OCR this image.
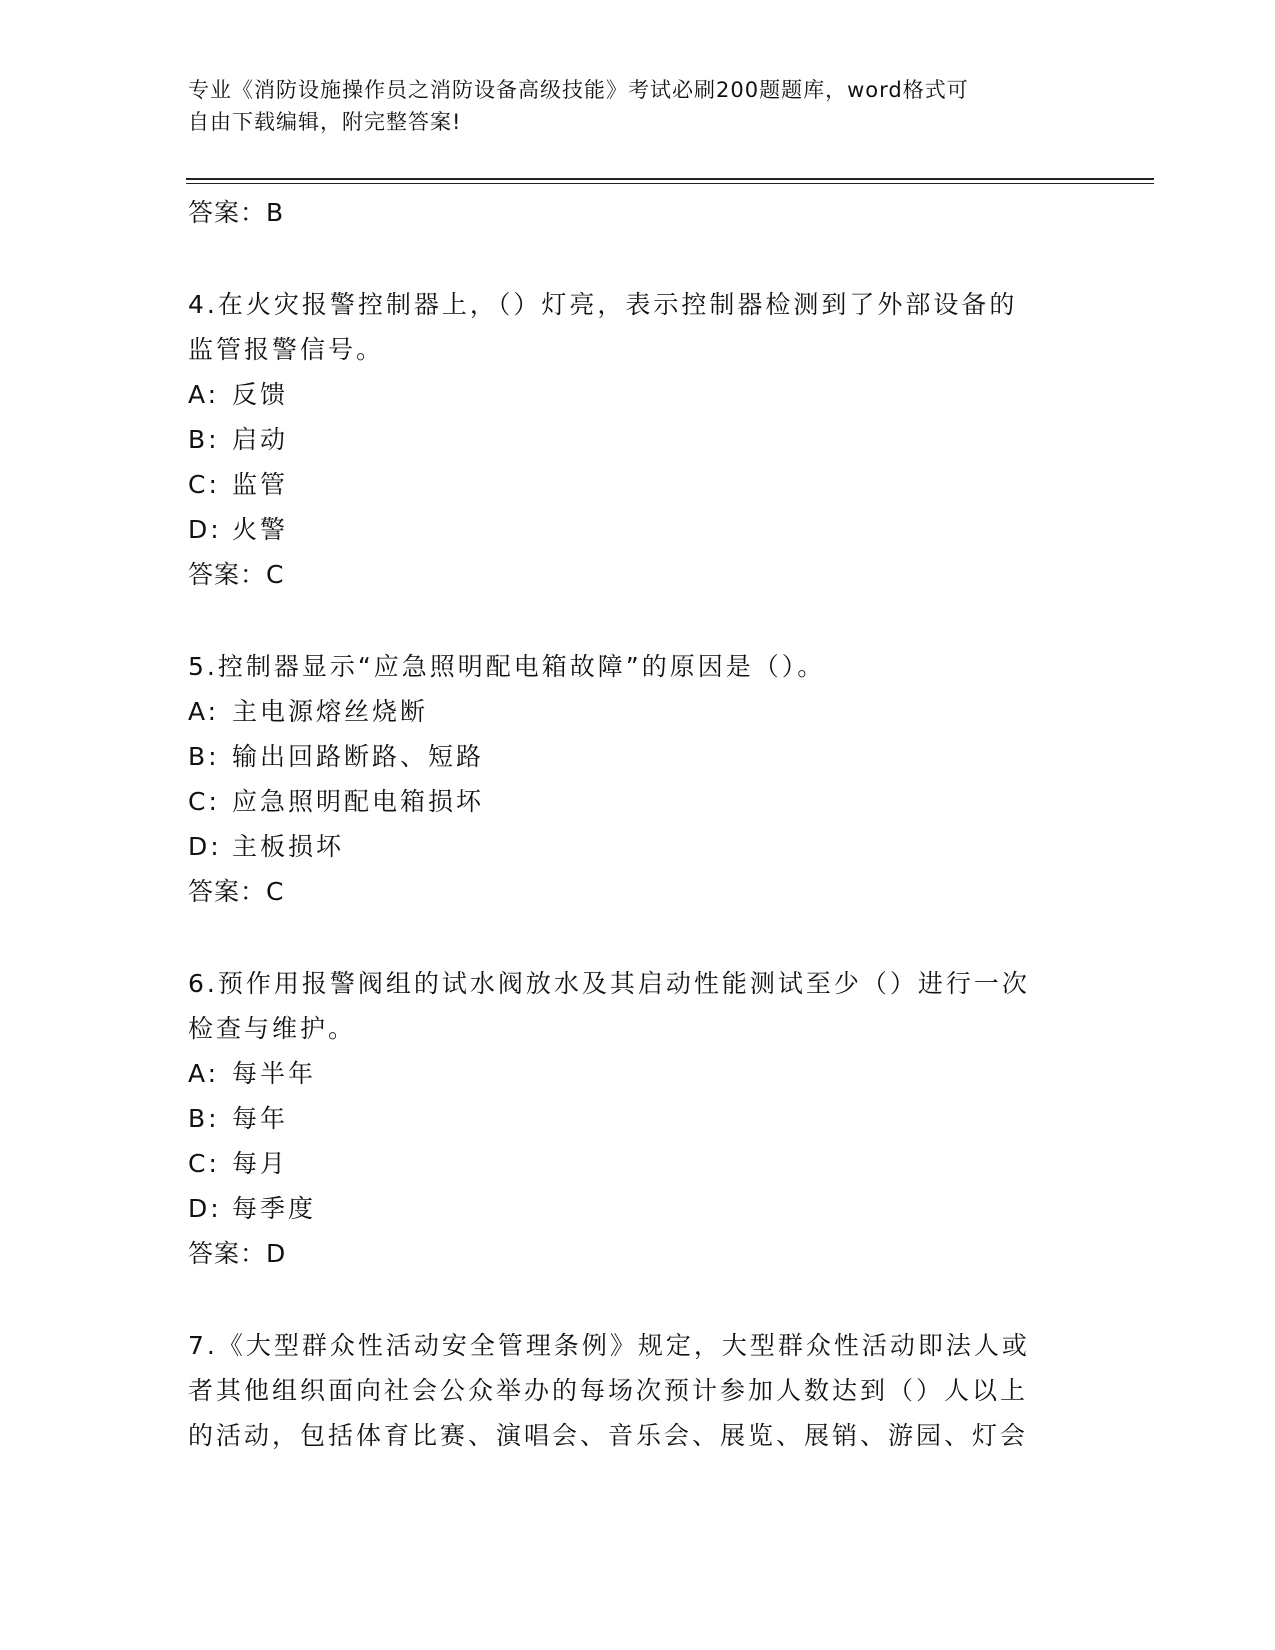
专业《消防设施操作员之消防设备高级技能》考试必刷200题题库，word格式可
自由下载编辑，附完整答案!
答案：B
4.在火灾报警控制器上，（）灯亮，表示控制器检测到了外部设备的
监管报警信号。
A: 反馈
B: 启动
C: 监管
D: 火警
答案：C
5.控制器显示“应急照明配电箱故障”的原因是（）。
A: 主电源熔丝烧断
B: 输出回路断路、短路
C: 应急照明配电箱损坏
D: 主板损坏
答案：C
6.预作用报警阀组的试水阀放水及其启动性能测试至少（）进行一次
检查与维护。
A: 每半年
B: 每年
C: 每月
D: 每季度
答案：D
7.《大型群众性活动安全管理条例》规定，大型群众性活动即法人或
者其他组织面向社会公众举办的每场次预计参加人数达到（）人以上
的活动，包括体育比赛、演唱会、音乐会、展览、展销、游园、灯会
